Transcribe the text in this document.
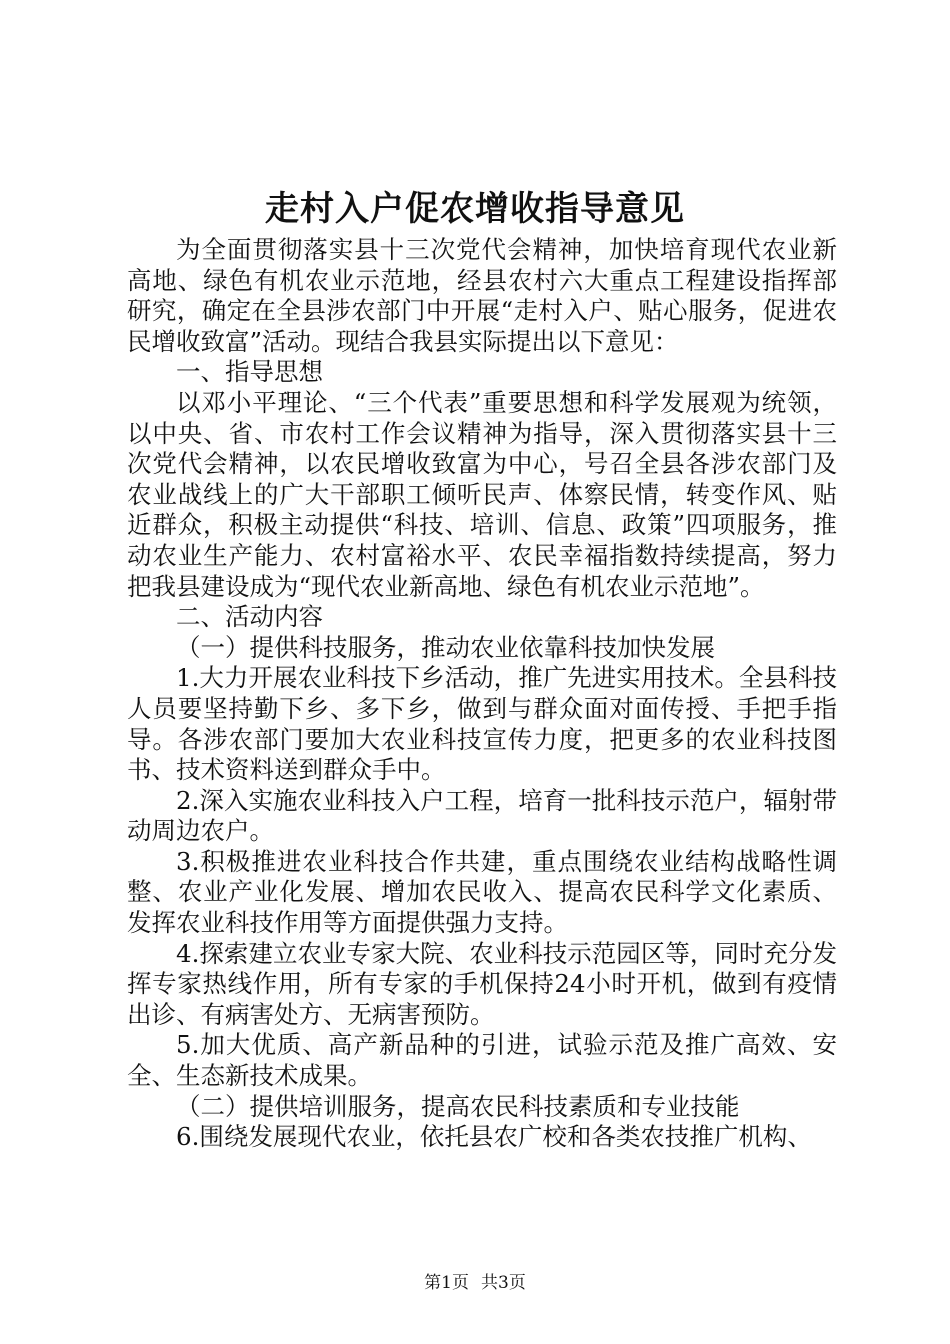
走村入户促农增收指导意见

为全面贯彻落实县十三次党代会精神，加快培育现代农业新高地、绿色有机农业示范地，经县农村六大重点工程建设指挥部研究，确定在全县涉农部门中开展“走村入户、贴心服务，促进农民增收致富”活动。现结合我县实际提出以下意见：

一、指导思想

以邓小平理论、“三个代表”重要思想和科学发展观为统领，以中央、省、市农村工作会议精神为指导，深入贯彻落实县十三次党代会精神，以农民增收致富为中心，号召全县各涉农部门及农业战线上的广大干部职工倾听民声、体察民情，转变作风、贴近群众，积极主动提供“科技、培训、信息、政策”四项服务，推动农业生产能力、农村富裕水平、农民幸福指数持续提高，努力把我县建设成为“现代农业新高地、绿色有机农业示范地”。

二、活动内容

（一）提供科技服务，推动农业依靠科技加快发展

1.大力开展农业科技下乡活动，推广先进实用技术。全县科技人员要坚持勤下乡、多下乡，做到与群众面对面传授、手把手指导。各涉农部门要加大农业科技宣传力度，把更多的农业科技图书、技术资料送到群众手中。

2.深入实施农业科技入户工程，培育一批科技示范户，辐射带动周边农户。

3.积极推进农业科技合作共建，重点围绕农业结构战略性调整、农业产业化发展、增加农民收入、提高农民科学文化素质、发挥农业科技作用等方面提供强力支持。

4.探索建立农业专家大院、农业科技示范园区等，同时充分发挥专家热线作用，所有专家的手机保持24小时开机，做到有疫情出诊、有病害处方、无病害预防。

5.加大优质、高产新品种的引进，试验示范及推广高效、安全、生态新技术成果。

（二）提供培训服务，提高农民科技素质和专业技能

6.围绕发展现代农业，依托县农广校和各类农技推广机构、

第1页 共3页
